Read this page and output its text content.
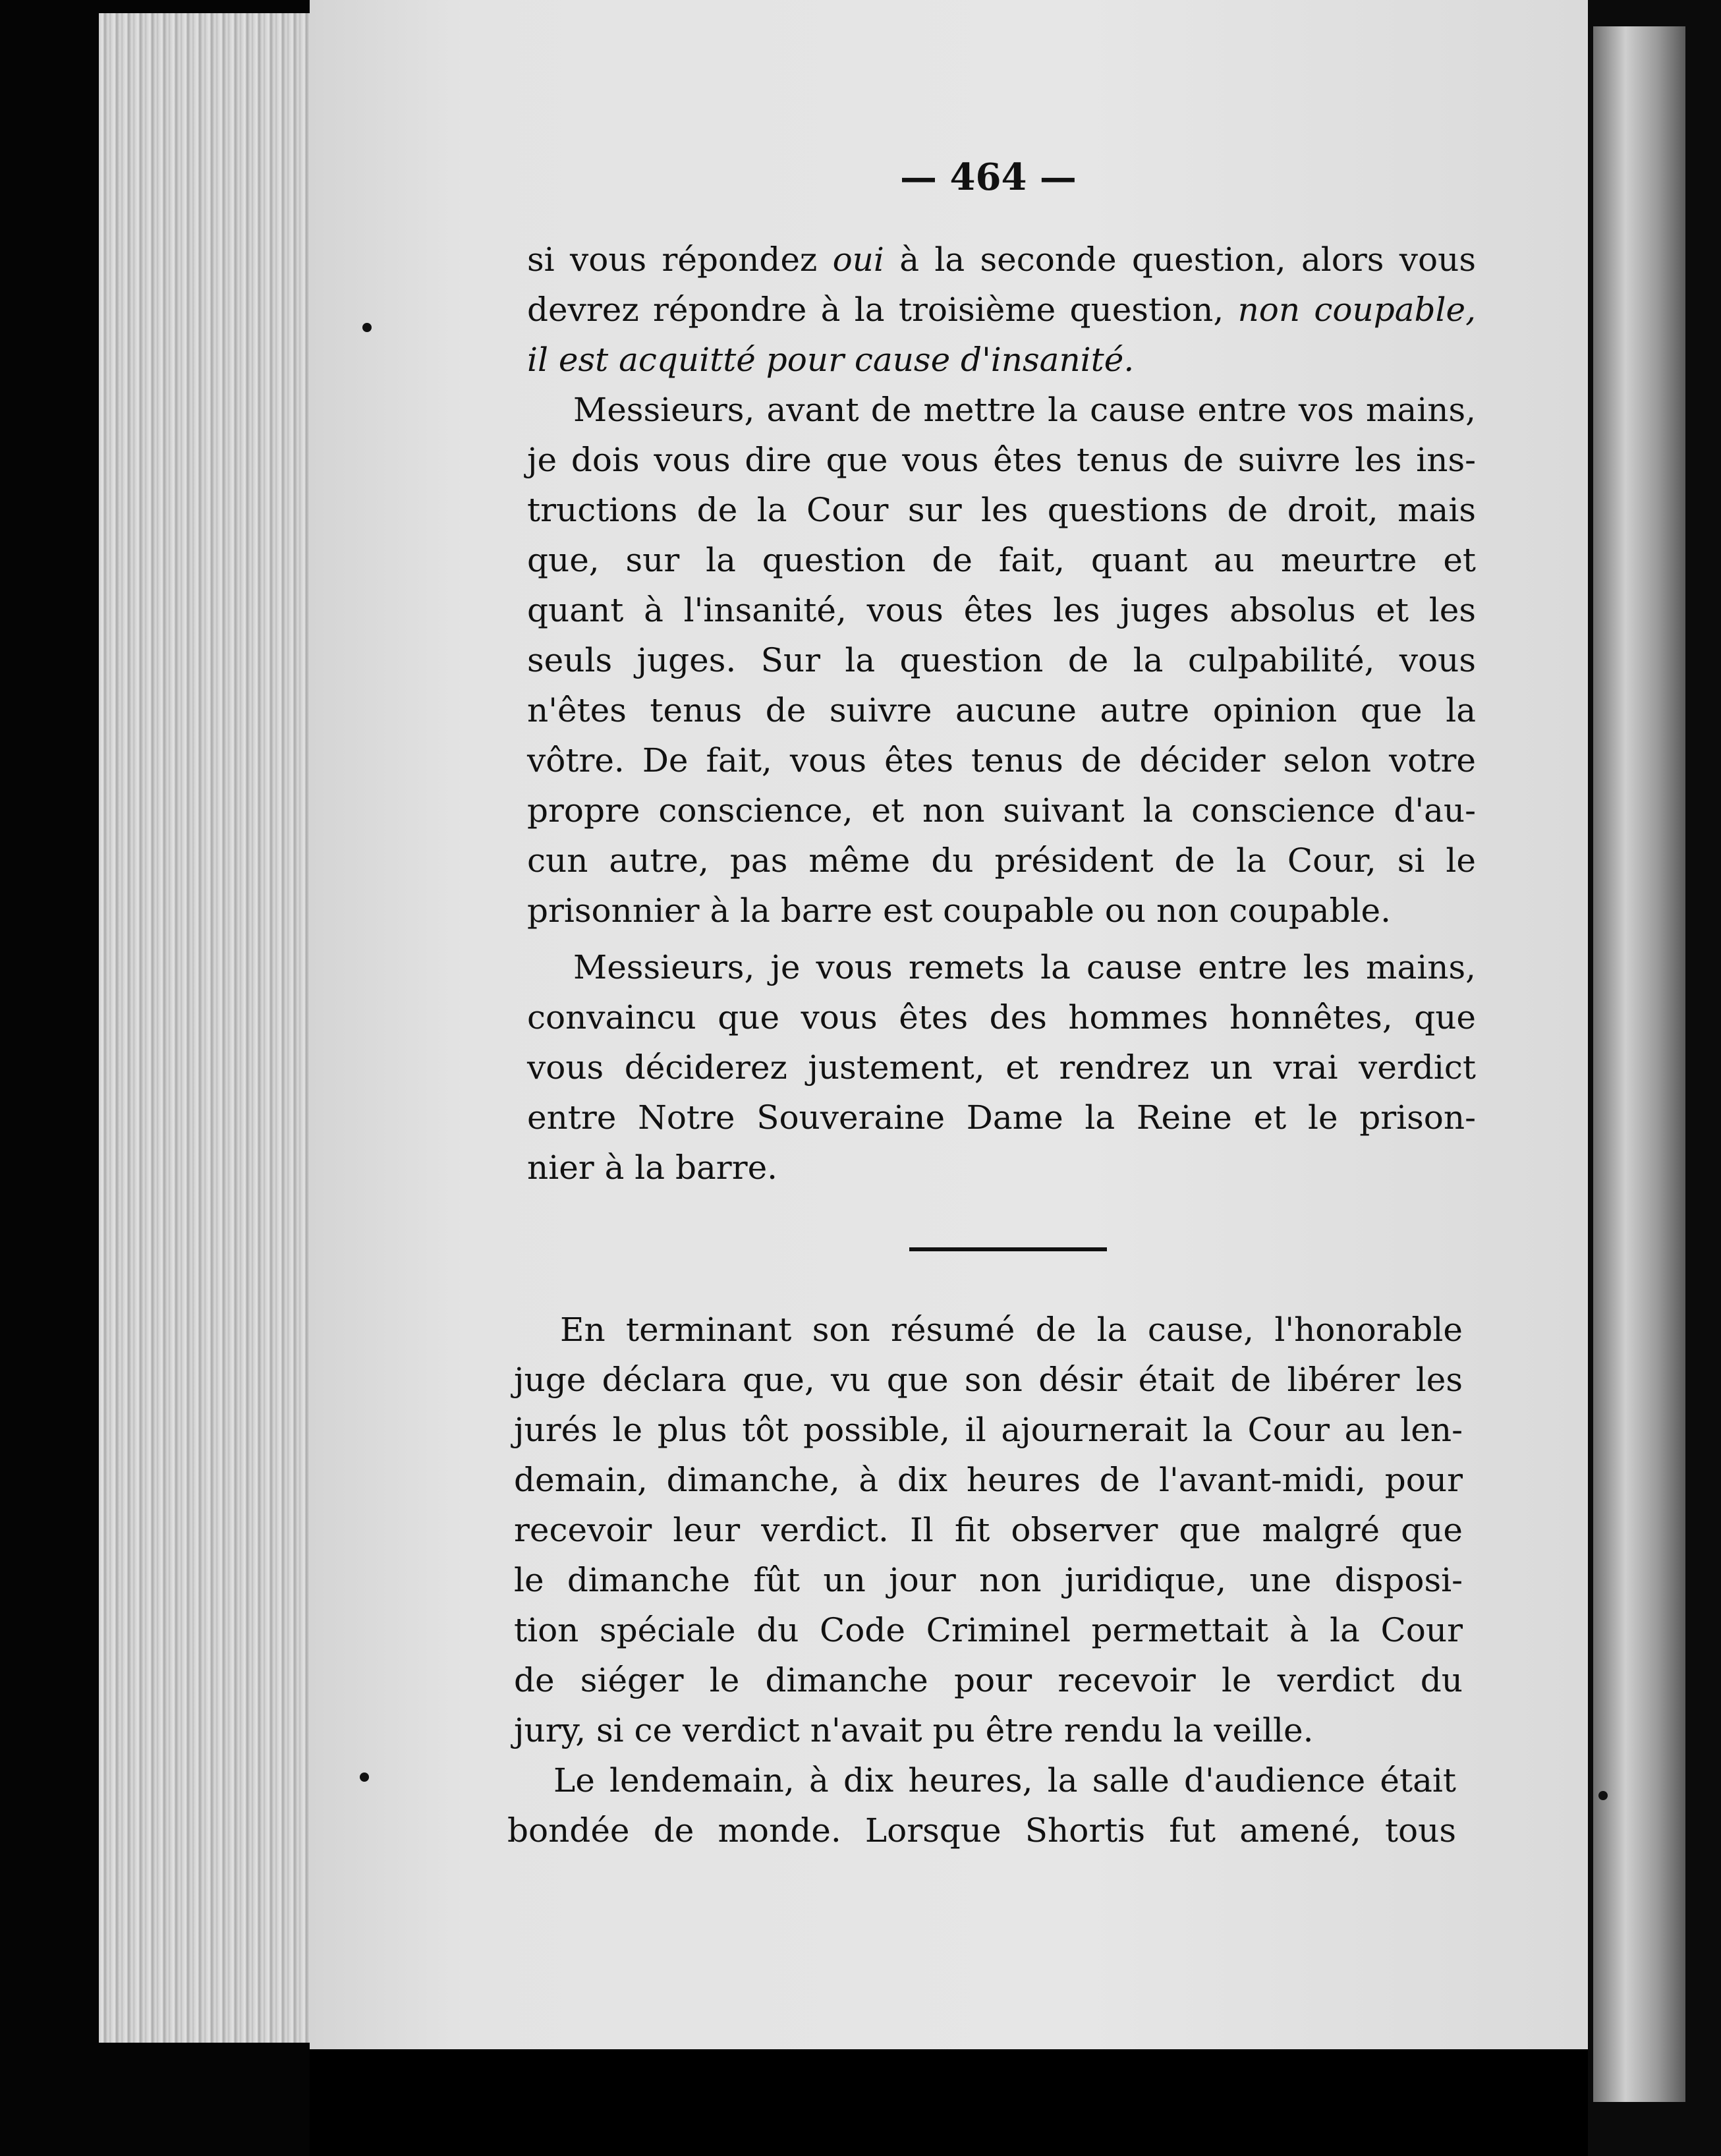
— 464 —
si vous répondez oui à la seconde question, alors vous
devrez répondre à la troisième question, non coupable,
il est acquitté pour cause d'insanité.
Messieurs, avant de mettre la cause entre vos mains,
je dois vous dire que vous êtes tenus de suivre les ins-
tructions de la Cour sur les questions de droit, mais
que, sur la question de fait, quant au meurtre et
quant à l'insanité, vous êtes les juges absolus et les
seuls juges. Sur la question de la culpabilité, vous
n'êtes tenus de suivre aucune autre opinion que la
vôtre. De fait, vous êtes tenus de décider selon votre
propre conscience, et non suivant la conscience d'au-
cun autre, pas même du président de la Cour, si le
prisonnier à la barre est coupable ou non coupable.
Messieurs, je vous remets la cause entre les mains,
convaincu que vous êtes des hommes honnêtes, que
vous déciderez justement, et rendrez un vrai verdict
entre Notre Souveraine Dame la Reine et le prison-
nier à la barre.
En terminant son résumé de la cause, l'honorable
juge déclara que, vu que son désir était de libérer les
jurés le plus tôt possible, il ajournerait la Cour au len-
demain, dimanche, à dix heures de l'avant-midi, pour
recevoir leur verdict. Il fit observer que malgré que
le dimanche fût un jour non juridique, une disposi-
tion spéciale du Code Criminel permettait à la Cour
de siéger le dimanche pour recevoir le verdict du
jury, si ce verdict n'avait pu être rendu la veille.
Le lendemain, à dix heures, la salle d'audience était
bondée de monde. Lorsque Shortis fut amené, tous
